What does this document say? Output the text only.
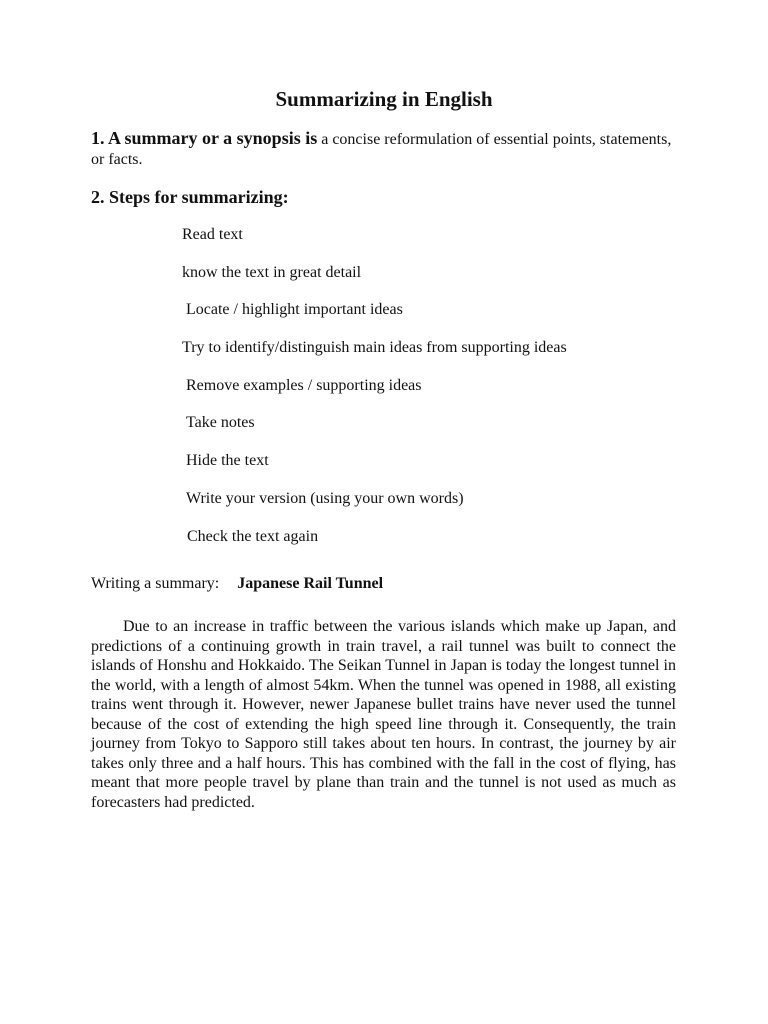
Summarizing in English
1. A summary or a synopsis is a concise reformulation of essential points, statements, or facts.
2. Steps for summarizing:
Read text
know the text in great detail
Locate / highlight important ideas
Try to identify/distinguish main ideas from supporting ideas
Remove examples / supporting ideas
Take notes
Hide the text
Write your version (using your own words)
Check the text again
Writing a summary: Japanese Rail Tunnel

Due to an increase in traffic between the various islands which make up Japan, and predictions of a continuing growth in train travel, a rail tunnel was built to connect the islands of Honshu and Hokkaido. The Seikan Tunnel in Japan is today the longest tunnel in the world, with a length of almost 54km. When the tunnel was opened in 1988, all existing trains went through it. However, newer Japanese bullet trains have never used the tunnel because of the cost of extending the high speed line through it. Consequently, the train journey from Tokyo to Sapporo still takes about ten hours. In contrast, the journey by air takes only three and a half hours. This has combined with the fall in the cost of flying, has meant that more people travel by plane than train and the tunnel is not used as much as forecasters had predicted.
